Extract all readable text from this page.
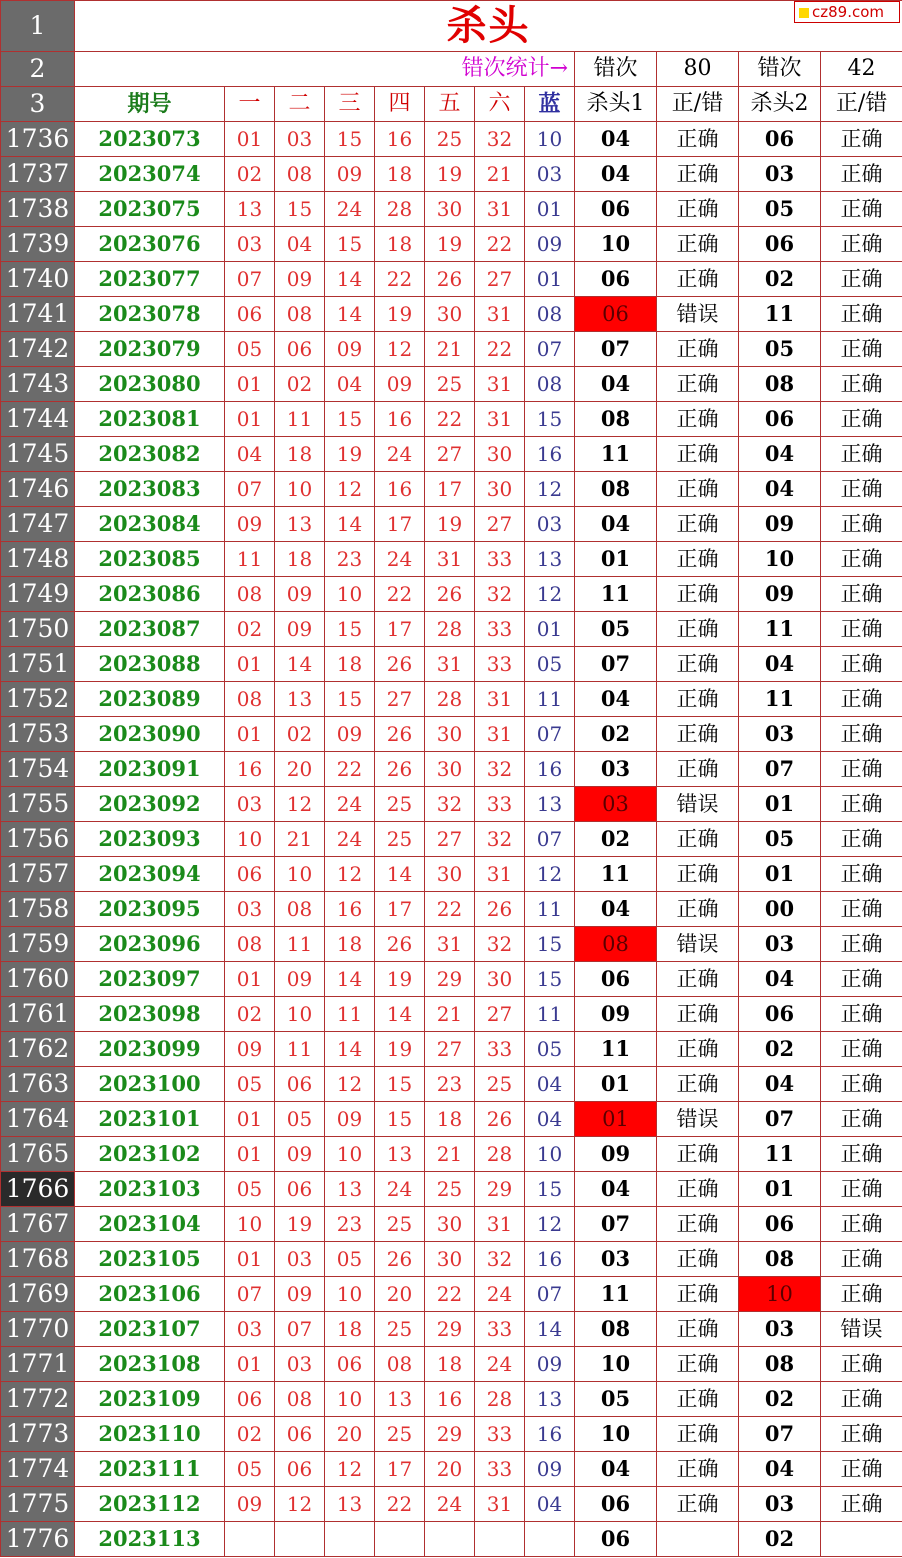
1	杀头											
2	错次统计→								错次	80	错次	42
3	期号	一	二	三	四	五	六	蓝	杀头1	正/错	杀头2	正/错
1736	2023073	01	03	15	16	25	32	10	04	正确	06	正确
1737	2023074	02	08	09	18	19	21	03	04	正确	03	正确
1738	2023075	13	15	24	28	30	31	01	06	正确	05	正确
1739	2023076	03	04	15	18	19	22	09	10	正确	06	正确
1740	2023077	07	09	14	22	26	27	01	06	正确	02	正确
1741	2023078	06	08	14	19	30	31	08	06	错误	11	正确
1742	2023079	05	06	09	12	21	22	07	07	正确	05	正确
1743	2023080	01	02	04	09	25	31	08	04	正确	08	正确
1744	2023081	01	11	15	16	22	31	15	08	正确	06	正确
1745	2023082	04	18	19	24	27	30	16	11	正确	04	正确
1746	2023083	07	10	12	16	17	30	12	08	正确	04	正确
1747	2023084	09	13	14	17	19	27	03	04	正确	09	正确
1748	2023085	11	18	23	24	31	33	13	01	正确	10	正确
1749	2023086	08	09	10	22	26	32	12	11	正确	09	正确
1750	2023087	02	09	15	17	28	33	01	05	正确	11	正确
1751	2023088	01	14	18	26	31	33	05	07	正确	04	正确
1752	2023089	08	13	15	27	28	31	11	04	正确	11	正确
1753	2023090	01	02	09	26	30	31	07	02	正确	03	正确
1754	2023091	16	20	22	26	30	32	16	03	正确	07	正确
1755	2023092	03	12	24	25	32	33	13	03	错误	01	正确
1756	2023093	10	21	24	25	27	32	07	02	正确	05	正确
1757	2023094	06	10	12	14	30	31	12	11	正确	01	正确
1758	2023095	03	08	16	17	22	26	11	04	正确	00	正确
1759	2023096	08	11	18	26	31	32	15	08	错误	03	正确
1760	2023097	01	09	14	19	29	30	15	06	正确	04	正确
1761	2023098	02	10	11	14	21	27	11	09	正确	06	正确
1762	2023099	09	11	14	19	27	33	05	11	正确	02	正确
1763	2023100	05	06	12	15	23	25	04	01	正确	04	正确
1764	2023101	01	05	09	15	18	26	04	01	错误	07	正确
1765	2023102	01	09	10	13	21	28	10	09	正确	11	正确
1766	2023103	05	06	13	24	25	29	15	04	正确	01	正确
1767	2023104	10	19	23	25	30	31	12	07	正确	06	正确
1768	2023105	01	03	05	26	30	32	16	03	正确	08	正确
1769	2023106	07	09	10	20	22	24	07	11	正确	10	正确
1770	2023107	03	07	18	25	29	33	14	08	正确	03	错误
1771	2023108	01	03	06	08	18	24	09	10	正确	08	正确
1772	2023109	06	08	10	13	16	28	13	05	正确	02	正确
1773	2023110	02	06	20	25	29	33	16	10	正确	07	正确
1774	2023111	05	06	12	17	20	33	09	04	正确	04	正确
1775	2023112	09	12	13	22	24	31	04	06	正确	03	正确
1776	2023113								06		02	
cz89.com
